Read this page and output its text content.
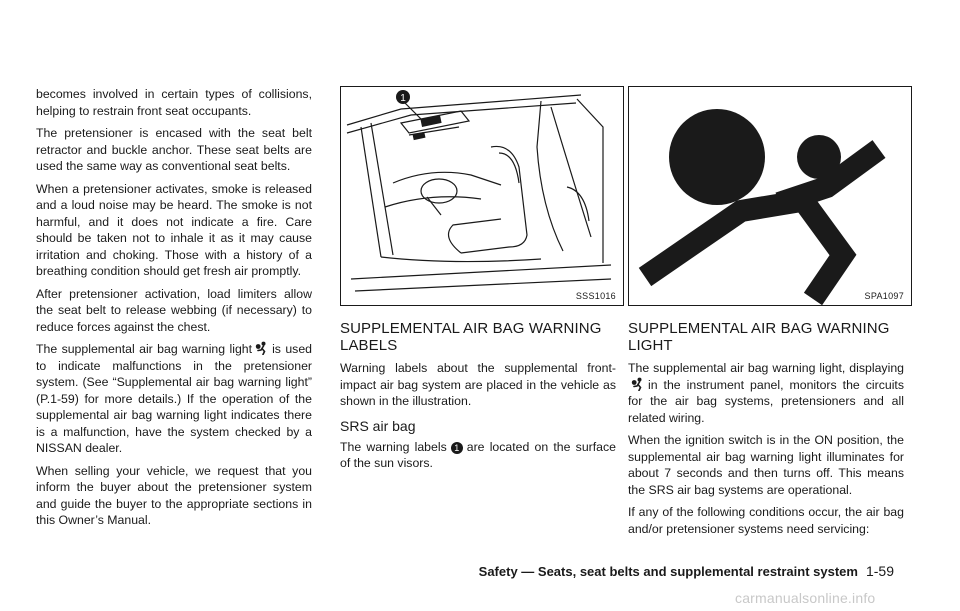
becomes involved in certain types of collisions, helping to restrain front seat occupants.

The pretensioner is encased with the seat belt retractor and buckle anchor. These seat belts are used the same way as conventional seat belts.

When a pretensioner activates, smoke is released and a loud noise may be heard. The smoke is not harmful, and it does not indicate a fire. Care should be taken not to inhale it as it may cause irritation and choking. Those with a history of a breathing condition should get fresh air promptly.

After pretensioner activation, load limiters allow the seat belt to release webbing (if necessary) to reduce forces against the chest.

The supplemental air bag warning light is used to indicate malfunctions in the pretensioner system. (See “Supplemental air bag warning light” (P.1-59) for more details.) If the operation of the supplemental air bag warning light indicates there is a malfunction, have the system checked by a NISSAN dealer.

When selling your vehicle, we request that you inform the buyer about the pretensioner system and guide the buyer to the appropriate sections in this Owner’s Manual.

1
SSS1016
SUPPLEMENTAL AIR BAG WARNING LABELS

Warning labels about the supplemental front-impact air bag system are placed in the vehicle as shown in the illustration.

SRS air bag

The warning labels 1 are located on the surface of the sun visors.

SPA1097
SUPPLEMENTAL AIR BAG WARNING LIGHT

The supplemental air bag warning light, displayingin the instrument panel, monitors the circuits for the air bag systems, pretensioners and all related wiring.

When the ignition switch is in the ON position, the supplemental air bag warning light illuminates for about 7 seconds and then turns off. This means the SRS air bag systems are operational.

If any of the following conditions occur, the air bag and/or pretensioner systems need servicing:

Safety — Seats, seat belts and supplemental restraint system 1-59
carmanualsonline.info
